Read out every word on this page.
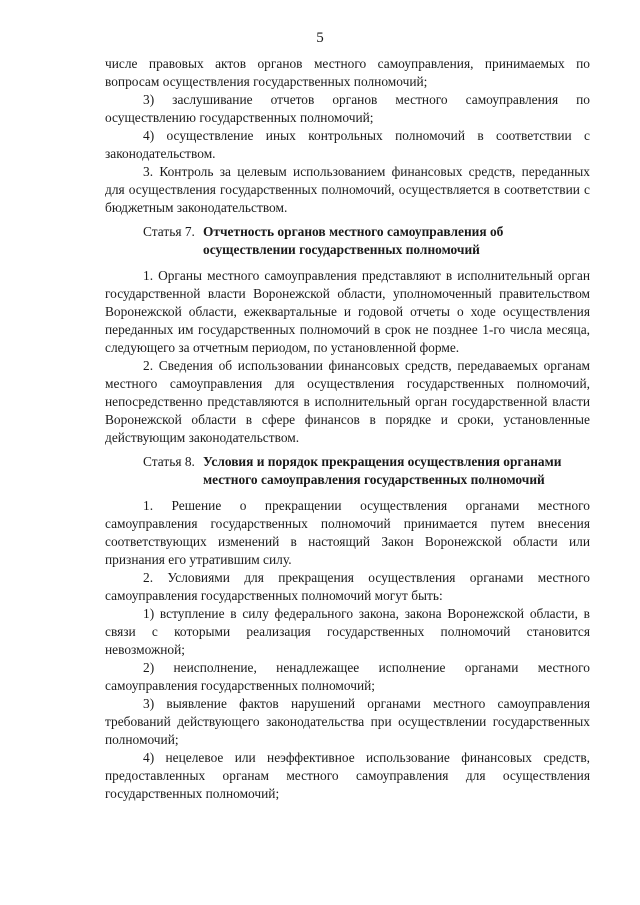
5

числе правовых актов органов местного самоуправления, принимаемых по вопросам осуществления государственных полномочий;

3) заслушивание отчетов органов местного самоуправления по осуществлению государственных полномочий;

4) осуществление иных контрольных полномочий в соответствии с законодательством.

3. Контроль за целевым использованием финансовых средств, переданных для осуществления государственных полномочий, осуществляется в соответствии с бюджетным законодательством.

Статья 7. Отчетность органов местного самоуправления об осуществлении государственных полномочий

1. Органы местного самоуправления представляют в исполнительный орган государственной власти Воронежской области, уполномоченный правительством Воронежской области, ежеквартальные и годовой отчеты о ходе осуществления переданных им государственных полномочий в срок не позднее 1-го числа месяца, следующего за отчетным периодом, по установленной форме.

2. Сведения об использовании финансовых средств, передаваемых органам местного самоуправления для осуществления государственных полномочий, непосредственно представляются в исполнительный орган государственной власти Воронежской области в сфере финансов в порядке и сроки, установленные действующим законодательством.

Статья 8. Условия и порядок прекращения осуществления органами местного самоуправления государственных полномочий

1. Решение о прекращении осуществления органами местного самоуправления государственных полномочий принимается путем внесения соответствующих изменений в настоящий Закон Воронежской области или признания его утратившим силу.

2. Условиями для прекращения осуществления органами местного самоуправления государственных полномочий могут быть:

1) вступление в силу федерального закона, закона Воронежской области, в связи с которыми реализация государственных полномочий становится невозможной;

2) неисполнение, ненадлежащее исполнение органами местного самоуправления государственных полномочий;

3) выявление фактов нарушений органами местного самоуправления требований действующего законодательства при осуществлении государственных полномочий;

4) нецелевое или неэффективное использование финансовых средств, предоставленных органам местного самоуправления для осуществления государственных полномочий;
